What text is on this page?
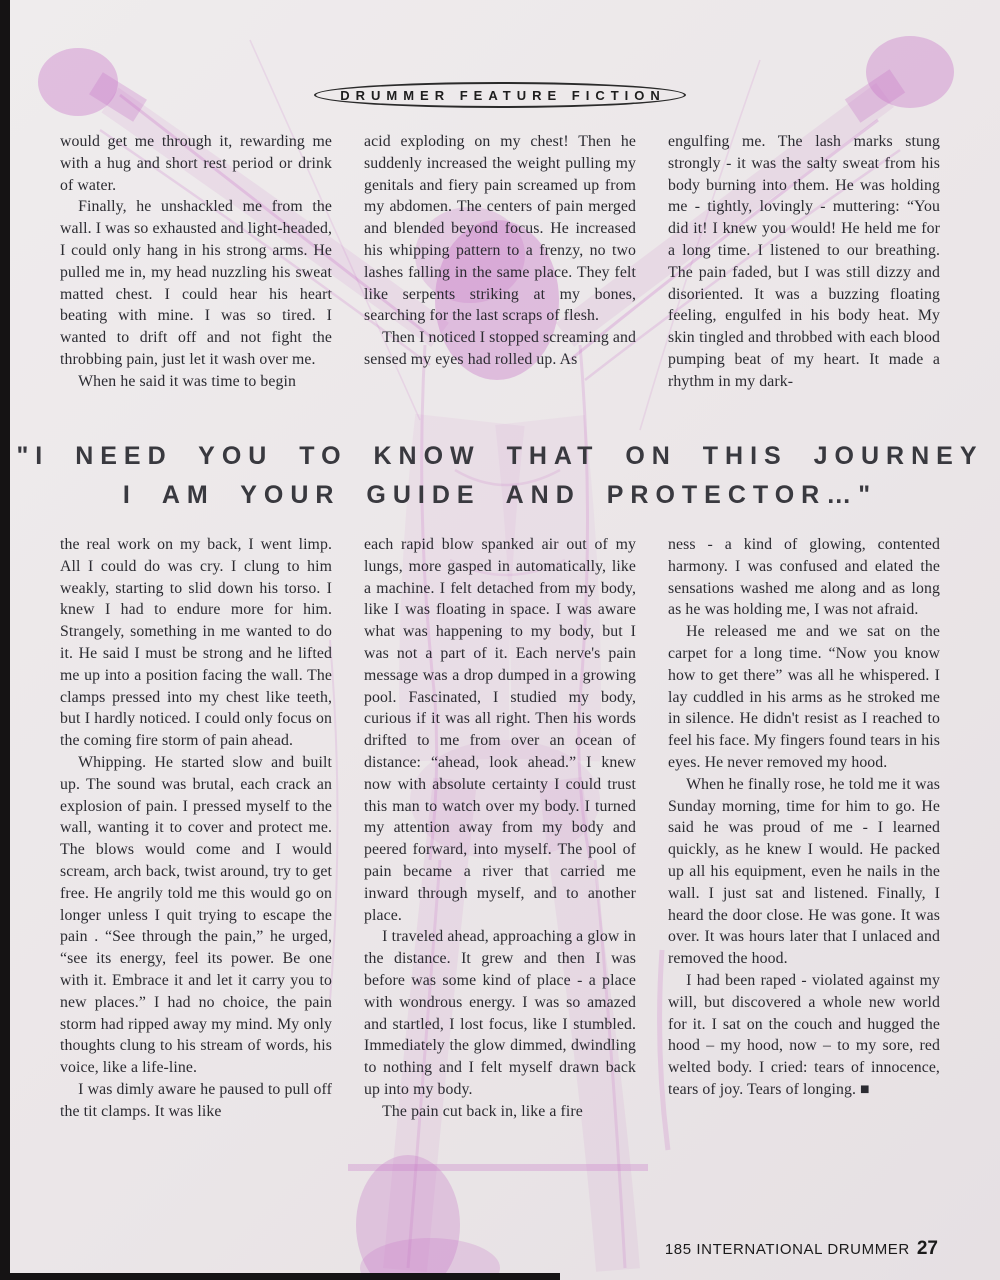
DRUMMER FEATURE FICTION

would get me through it, rewarding me with a hug and short rest period or drink of water.

Finally, he unshackled me from the wall. I was so exhausted and light-headed, I could only hang in his strong arms. He pulled me in, my head nuzzling his sweat matted chest. I could hear his heart beating with mine. I was so tired. I wanted to drift off and not fight the throbbing pain, just let it wash over me.

When he said it was time to begin

acid exploding on my chest! Then he suddenly increased the weight pulling my genitals and fiery pain screamed up from my abdomen. The centers of pain merged and blended beyond focus. He increased his whipping pattern to a frenzy, no two lashes falling in the same place. They felt like serpents striking at my bones, searching for the last scraps of flesh.

Then I noticed I stopped screaming and sensed my eyes had rolled up. As

engulfing me. The lash marks stung strongly - it was the salty sweat from his body burning into them. He was holding me - tightly, lovingly - muttering: “You did it! I knew you would! He held me for a long time. I listened to our breathing. The pain faded, but I was still dizzy and disoriented. It was a buzzing floating feeling, engulfed in his body heat. My skin tingled and throbbed with each blood pumping beat of my heart. It made a rhythm in my dark-

"I NEED YOU TO KNOW THAT ON THIS JOURNEY
I AM YOUR GUIDE AND PROTECTOR…"

the real work on my back, I went limp. All I could do was cry. I clung to him weakly, starting to slid down his torso. I knew I had to endure more for him. Strangely, something in me wanted to do it. He said I must be strong and he lifted me up into a position facing the wall. The clamps pressed into my chest like teeth, but I hardly noticed. I could only focus on the coming fire storm of pain ahead.

Whipping. He started slow and built up. The sound was brutal, each crack an explosion of pain. I pressed myself to the wall, wanting it to cover and protect me. The blows would come and I would scream, arch back, twist around, try to get free. He angrily told me this would go on longer unless I quit trying to escape the pain . “See through the pain,” he urged, “see its energy, feel its power. Be one with it. Embrace it and let it carry you to new places.” I had no choice, the pain storm had ripped away my mind. My only thoughts clung to his stream of words, his voice, like a life-line.

I was dimly aware he paused to pull off the tit clamps. It was like

each rapid blow spanked air out of my lungs, more gasped in automatically, like a machine. I felt detached from my body, like I was floating in space. I was aware what was happening to my body, but I was not a part of it. Each nerve's pain message was a drop dumped in a growing pool. Fascinated, I studied my body, curious if it was all right. Then his words drifted to me from over an ocean of distance: “ahead, look ahead.” I knew now with absolute certainty I could trust this man to watch over my body. I turned my attention away from my body and peered forward, into myself. The pool of pain became a river that carried me inward through myself, and to another place.

I traveled ahead, approaching a glow in the distance. It grew and then I was before was some kind of place - a place with wondrous energy. I was so amazed and startled, I lost focus, like I stumbled. Immediately the glow dimmed, dwindling to nothing and I felt myself drawn back up into my body.

The pain cut back in, like a fire

ness - a kind of glowing, contented harmony. I was confused and elated the sensations washed me along and as long as he was holding me, I was not afraid.

He released me and we sat on the carpet for a long time. “Now you know how to get there” was all he whispered. I lay cuddled in his arms as he stroked me in silence. He didn't resist as I reached to feel his face. My fingers found tears in his eyes. He never removed my hood.

When he finally rose, he told me it was Sunday morning, time for him to go. He said he was proud of me - I learned quickly, as he knew I would. He packed up all his equipment, even he nails in the wall. I just sat and listened. Finally, I heard the door close. He was gone. It was over. It was hours later that I unlaced and removed the hood.

I had been raped - violated against my will, but discovered a whole new world for it. I sat on the couch and hugged the hood – my hood, now – to my sore, red welted body. I cried: tears of innocence, tears of joy. Tears of longing. ■

185 INTERNATIONAL DRUMMER 27
